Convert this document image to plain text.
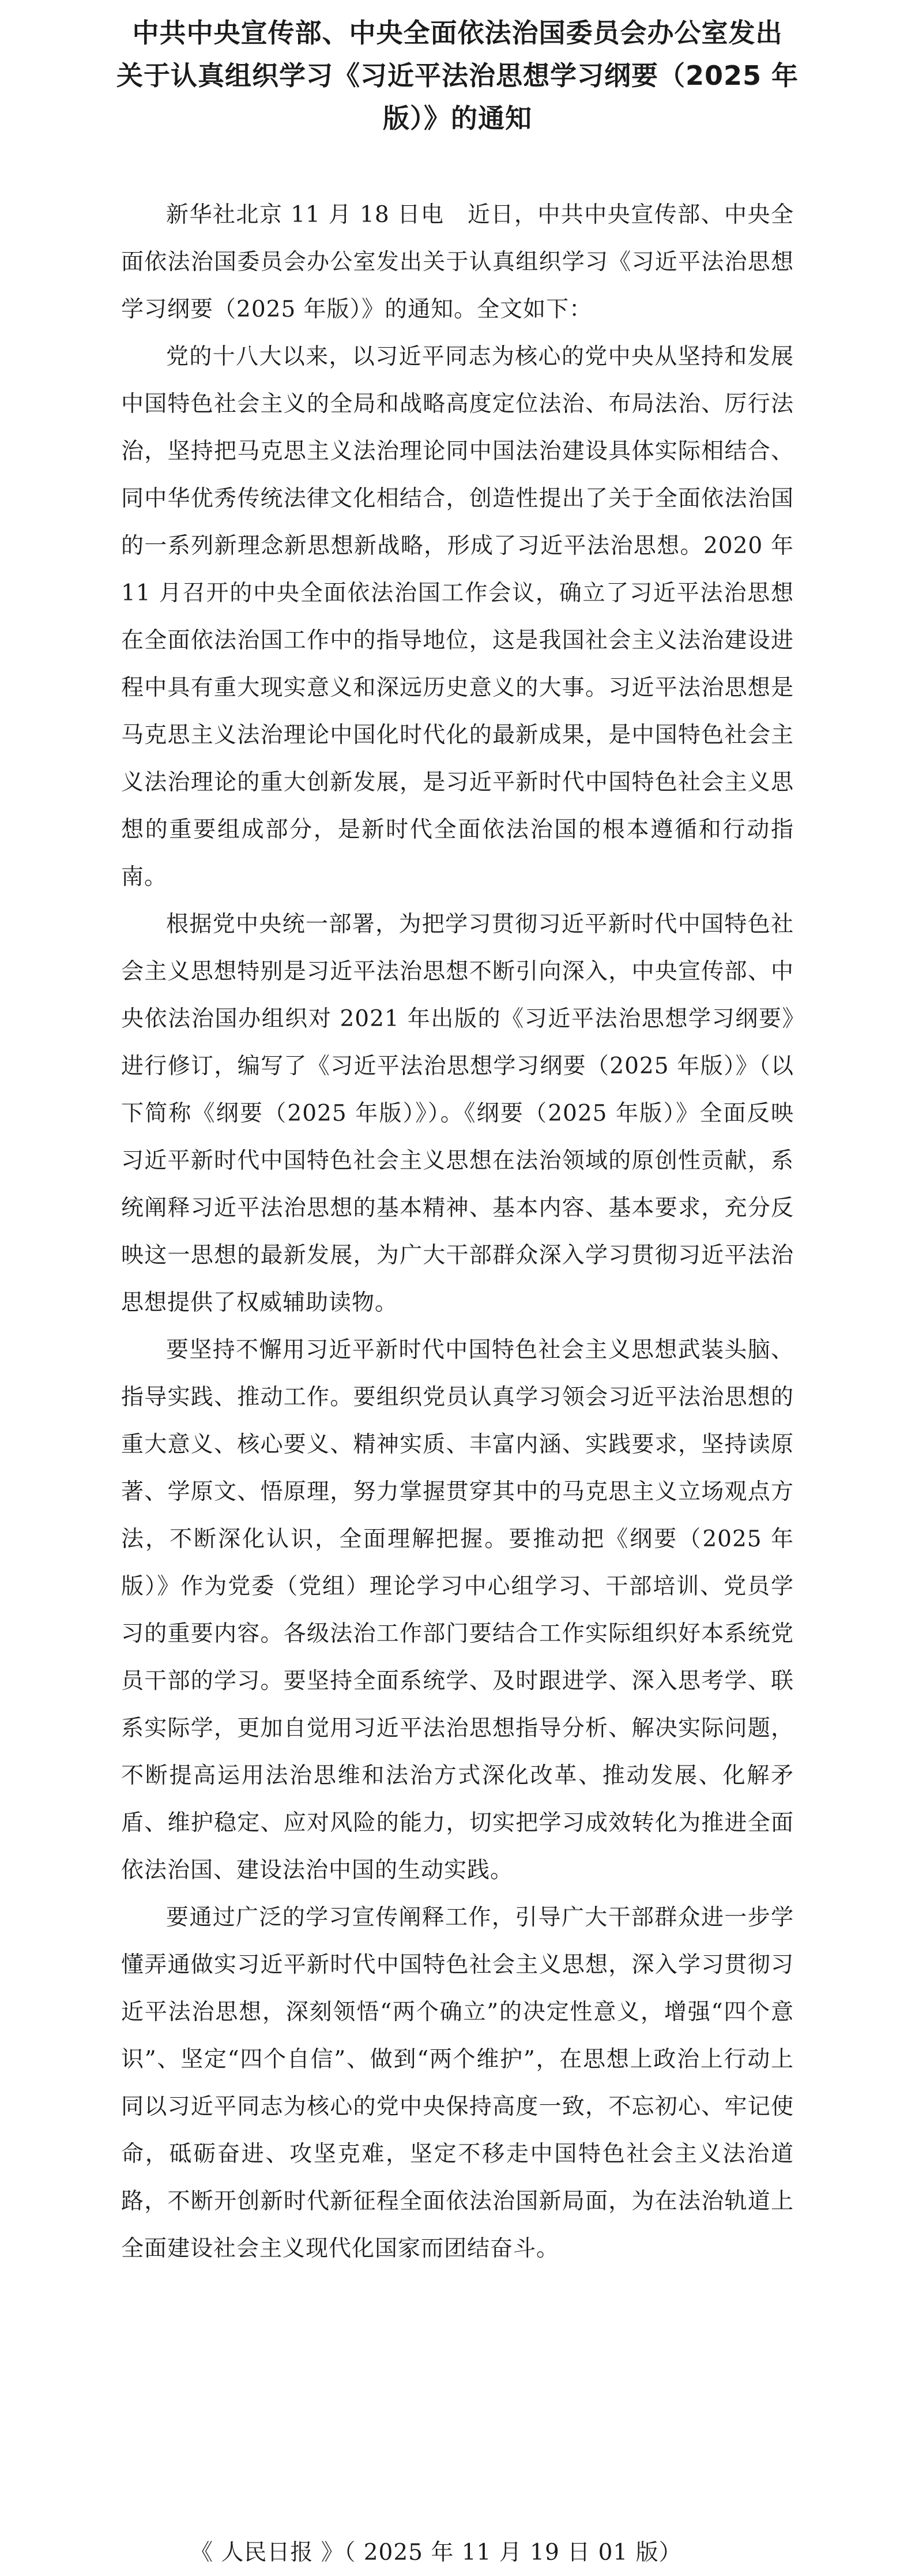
中共中央宣传部、中央全面依法治国委员会办公室发出
关于认真组织学习《习近平法治思想学习纲要（2025 年
版）》的通知

新华社北京 11 月 18 日电　近日，中共中央宣传部、中央全面依法治国委员会办公室发出关于认真组织学习《习近平法治思想学习纲要（2025 年版）》的通知。全文如下：

党的十八大以来，以习近平同志为核心的党中央从坚持和发展中国特色社会主义的全局和战略高度定位法治、布局法治、厉行法治，坚持把马克思主义法治理论同中国法治建设具体实际相结合、同中华优秀传统法律文化相结合，创造性提出了关于全面依法治国的一系列新理念新思想新战略，形成了习近平法治思想。2020 年 11 月召开的中央全面依法治国工作会议，确立了习近平法治思想在全面依法治国工作中的指导地位，这是我国社会主义法治建设进程中具有重大现实意义和深远历史意义的大事。习近平法治思想是马克思主义法治理论中国化时代化的最新成果，是中国特色社会主义法治理论的重大创新发展，是习近平新时代中国特色社会主义思想的重要组成部分，是新时代全面依法治国的根本遵循和行动指南。

根据党中央统一部署，为把学习贯彻习近平新时代中国特色社会主义思想特别是习近平法治思想不断引向深入，中央宣传部、中央依法治国办组织对 2021 年出版的《习近平法治思想学习纲要》进行修订，编写了《习近平法治思想学习纲要（2025 年版）》（以下简称《纲要（2025 年版）》）。《纲要（2025 年版）》全面反映习近平新时代中国特色社会主义思想在法治领域的原创性贡献，系统阐释习近平法治思想的基本精神、基本内容、基本要求，充分反映这一思想的最新发展，为广大干部群众深入学习贯彻习近平法治思想提供了权威辅助读物。

要坚持不懈用习近平新时代中国特色社会主义思想武装头脑、指导实践、推动工作。要组织党员认真学习领会习近平法治思想的重大意义、核心要义、精神实质、丰富内涵、实践要求，坚持读原著、学原文、悟原理，努力掌握贯穿其中的马克思主义立场观点方法，不断深化认识，全面理解把握。要推动把《纲要（2025 年版）》作为党委（党组）理论学习中心组学习、干部培训、党员学习的重要内容。各级法治工作部门要结合工作实际组织好本系统党员干部的学习。要坚持全面系统学、及时跟进学、深入思考学、联系实际学，更加自觉用习近平法治思想指导分析、解决实际问题，不断提高运用法治思维和法治方式深化改革、推动发展、化解矛盾、维护稳定、应对风险的能力，切实把学习成效转化为推进全面依法治国、建设法治中国的生动实践。

要通过广泛的学习宣传阐释工作，引导广大干部群众进一步学懂弄通做实习近平新时代中国特色社会主义思想，深入学习贯彻习近平法治思想，深刻领悟“两个确立”的决定性意义，增强“四个意识”、坚定“四个自信”、做到“两个维护”，在思想上政治上行动上同以习近平同志为核心的党中央保持高度一致，不忘初心、牢记使命，砥砺奋进、攻坚克难，坚定不移走中国特色社会主义法治道路，不断开创新时代新征程全面依法治国新局面，为在法治轨道上全面建设社会主义现代化国家而团结奋斗。

《 人民日报 》（ 2025 年 11 月 19 日 01 版）
